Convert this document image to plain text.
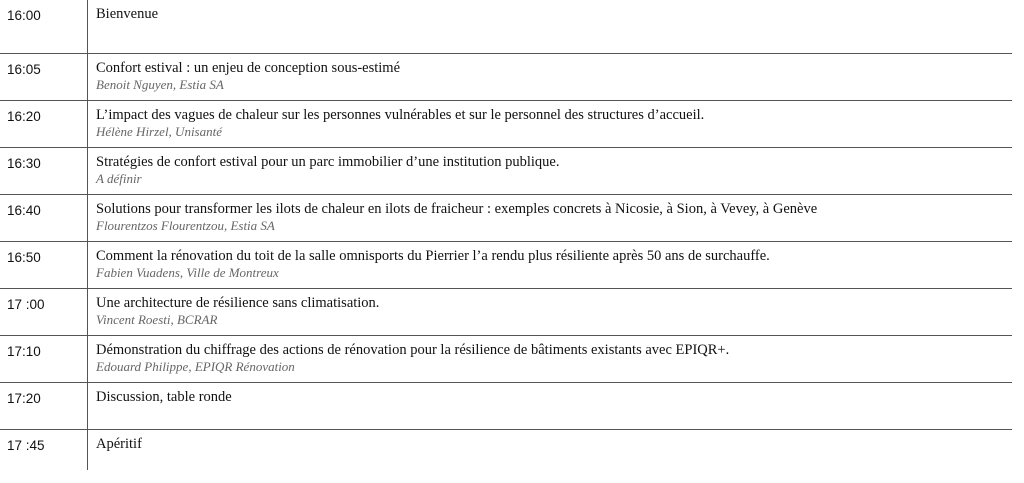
16:00	Bienvenue
16:05	Confort estival : un enjeu de conception sous-estimé
Benoit Nguyen, Estia SA
16:20	L’impact des vagues de chaleur sur les personnes vulnérables et sur le personnel des structures d’accueil.
Hélène Hirzel, Unisanté
16:30	Stratégies de confort estival pour un parc immobilier d’une institution publique.
A définir
16:40	Solutions pour transformer les ilots de chaleur en ilots de fraicheur : exemples concrets à Nicosie, à Sion, à Vevey, à Genève
Flourentzos Flourentzou, Estia SA
16:50	Comment la rénovation du toit de la salle omnisports du Pierrier l’a rendu plus résiliente après 50 ans de surchauffe.
Fabien Vuadens, Ville de Montreux
17 :00	Une architecture de résilience sans climatisation.
Vincent Roesti, BCRAR
17:10	Démonstration du chiffrage des actions de rénovation pour la résilience de bâtiments existants avec EPIQR+.
Edouard Philippe, EPIQR Rénovation
17:20	Discussion, table ronde
17 :45	Apéritif
